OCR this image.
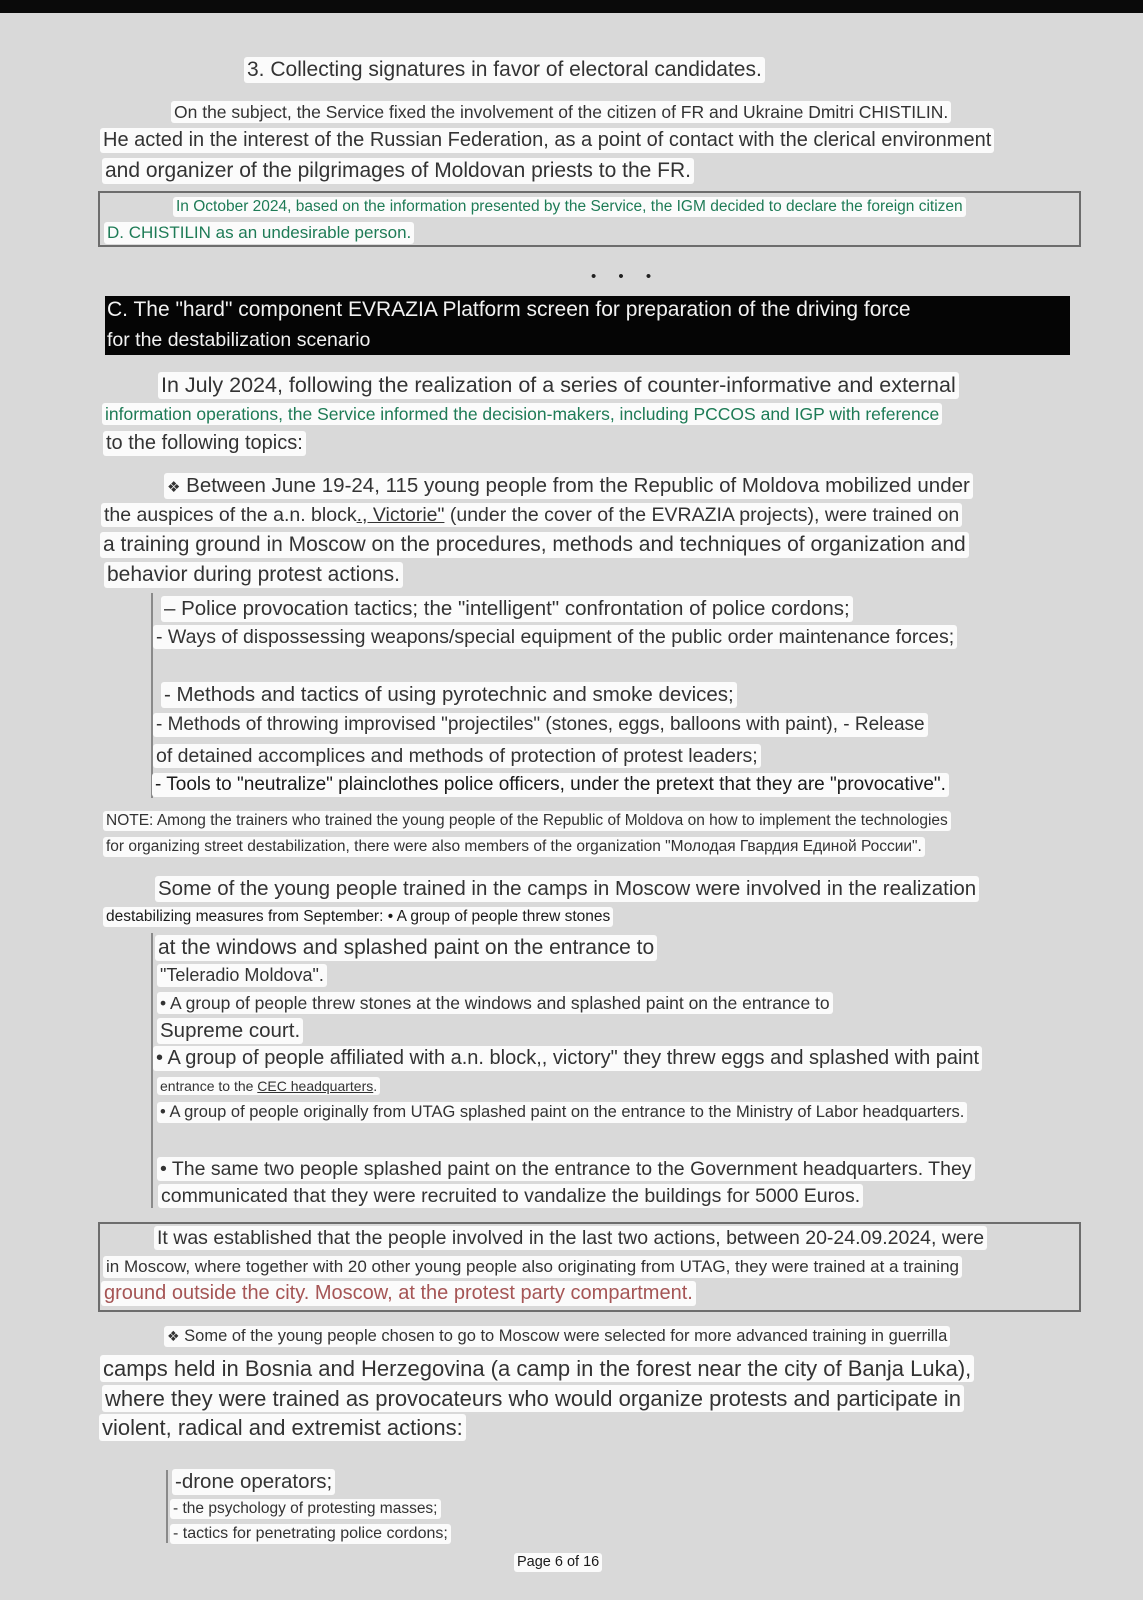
3. Collecting signatures in favor of electoral candidates.
On the subject, the Service fixed the involvement of the citizen of FR and Ukraine Dmitri CHISTILIN.
He acted in the interest of the Russian Federation, as a point of contact with the clerical environment
and organizer of the pilgrimages of Moldovan priests to the FR.
In October 2024, based on the information presented by the Service, the IGM decided to declare the foreign citizen
D. CHISTILIN as an undesirable person.
• • •
C. The "hard" component EVRAZIA Platform screen for preparation of the driving force
for the destabilization scenario
In July 2024, following the realization of a series of counter-informative and external
information operations, the Service informed the decision-makers, including PCCOS and IGP with reference
to the following topics:
❖ Between June 19-24, 115 young people from the Republic of Moldova mobilized under
the auspices of the a.n. block., Victorie" (under the cover of the EVRAZIA projects), were trained on
a training ground in Moscow on the procedures, methods and techniques of organization and
behavior during protest actions.
– Police provocation tactics; the "intelligent" confrontation of police cordons;
- Ways of dispossessing weapons/special equipment of the public order maintenance forces;
- Methods and tactics of using pyrotechnic and smoke devices;
- Methods of throwing improvised "projectiles" (stones, eggs, balloons with paint), - Release
of detained accomplices and methods of protection of protest leaders;
- Tools to "neutralize" plainclothes police officers, under the pretext that they are "provocative".
NOTE: Among the trainers who trained the young people of the Republic of Moldova on how to implement the technologies
for organizing street destabilization, there were also members of the organization "Молодая Гвардия Единой России".
Some of the young people trained in the camps in Moscow were involved in the realization
destabilizing measures from September: • A group of people threw stones
at the windows and splashed paint on the entrance to
"Teleradio Moldova".
• A group of people threw stones at the windows and splashed paint on the entrance to
Supreme court.
• A group of people affiliated with a.n. block,, victory" they threw eggs and splashed with paint
entrance to the CEC headquarters.
• A group of people originally from UTAG splashed paint on the entrance to the Ministry of Labor headquarters.
• The same two people splashed paint on the entrance to the Government headquarters. They
communicated that they were recruited to vandalize the buildings for 5000 Euros.
It was established that the people involved in the last two actions, between 20-24.09.2024, were
in Moscow, where together with 20 other young people also originating from UTAG, they were trained at a training
ground outside the city. Moscow, at the protest party compartment.
❖ Some of the young people chosen to go to Moscow were selected for more advanced training in guerrilla
camps held in Bosnia and Herzegovina (a camp in the forest near the city of Banja Luka),
where they were trained as provocateurs who would organize protests and participate in
violent, radical and extremist actions:
-drone operators;
- the psychology of protesting masses;
- tactics for penetrating police cordons;
Page 6 of 16
